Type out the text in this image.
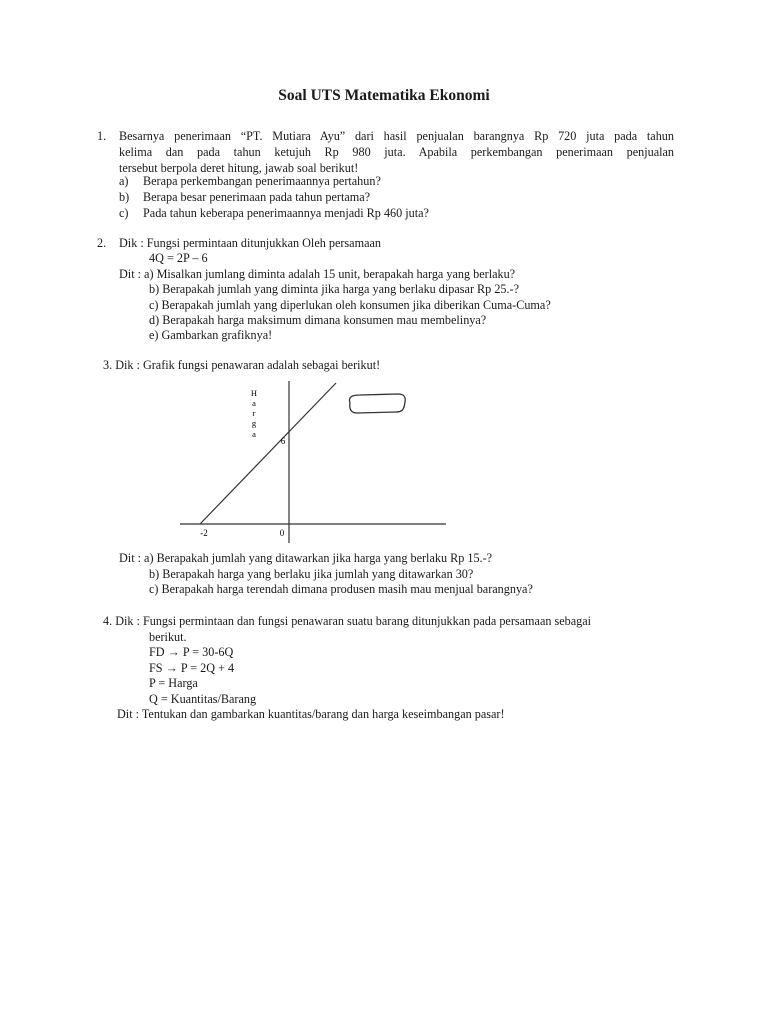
Soal UTS Matematika Ekonomi
1. Besarnya penerimaan “PT. Mutiara Ayu” dari hasil penjualan barangnya Rp 720 juta pada tahun
kelima dan pada tahun ketujuh Rp 980 juta. Apabila perkembangan penerimaan penjualan
tersebut berpola deret hitung, jawab soal berikut!
a) Berapa perkembangan penerimaannya pertahun?
b) Berapa besar penerimaan pada tahun pertama?
c) Pada tahun keberapa penerimaannya menjadi Rp 460 juta?
2. Dik : Fungsi permintaan ditunjukkan Oleh persamaan
4Q = 2P – 6
Dit : a) Misalkan jumlang diminta adalah 15 unit, berapakah harga yang berlaku?
b) Berapakah jumlah yang diminta jika harga yang berlaku dipasar Rp 25.-?
c) Berapakah jumlah yang diperlukan oleh konsumen jika diberikan Cuma-Cuma?
d) Berapakah harga maksimum dimana konsumen mau membelinya?
e) Gambarkan grafiknya!
3. Dik : Grafik fungsi penawaran adalah sebagai berikut!
H
a
r
g
a
6
-2	0
Dit : a) Berapakah jumlah yang ditawarkan jika harga yang berlaku Rp 15.-?
b) Berapakah harga yang berlaku jika jumlah yang ditawarkan 30?
c) Berapakah harga terendah dimana produsen masih mau menjual barangnya?
4. Dik : Fungsi permintaan dan fungsi penawaran suatu barang ditunjukkan pada persamaan sebagai
berikut.
FD → P = 30-6Q
FS → P = 2Q + 4
P = Harga
Q = Kuantitas/Barang
Dit : Tentukan dan gambarkan kuantitas/barang dan harga keseimbangan pasar!
